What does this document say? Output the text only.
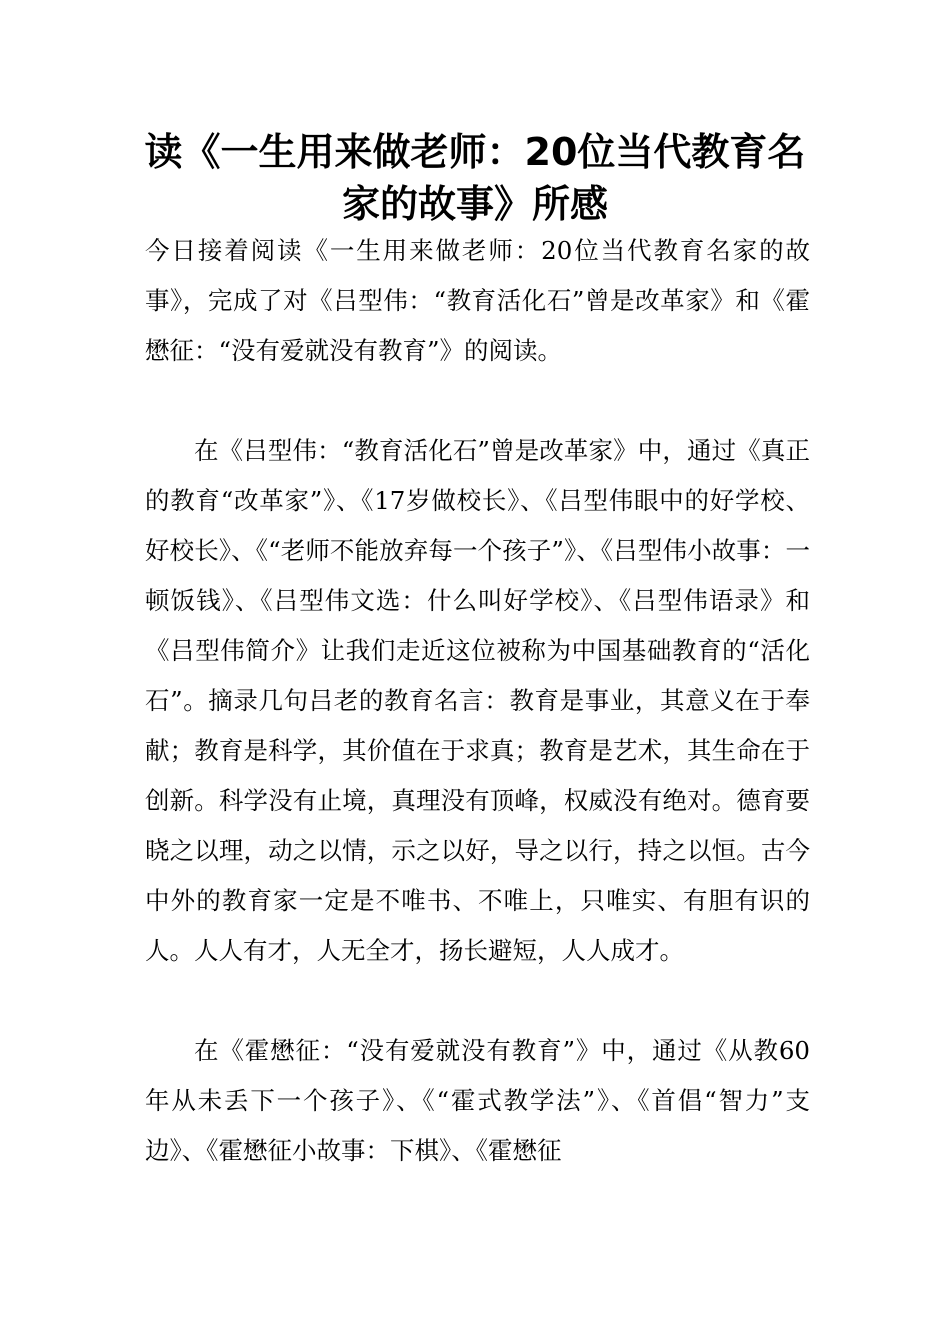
读《一生用来做老师：20位当代教育名家的故事》所感

今日接着阅读《一生用来做老师：20位当代教育名家的故事》，完成了对《吕型伟：“教育活化石”曾是改革家》和《霍懋征：“没有爱就没有教育”》的阅读。

在《吕型伟：“教育活化石”曾是改革家》中，通过《真正的教育“改革家”》、《17岁做校长》、《吕型伟眼中的好学校、好校长》、《“老师不能放弃每一个孩子”》、《吕型伟小故事：一顿饭钱》、《吕型伟文选：什么叫好学校》、《吕型伟语录》和《吕型伟简介》让我们走近这位被称为中国基础教育的“活化石”。摘录几句吕老的教育名言：教育是事业，其意义在于奉献；教育是科学，其价值在于求真；教育是艺术，其生命在于创新。科学没有止境，真理没有顶峰，权威没有绝对。德育要晓之以理，动之以情，示之以好，导之以行，持之以恒。古今中外的教育家一定是不唯书、不唯上，只唯实、有胆有识的人。人人有才，人无全才，扬长避短，人人成才。

在《霍懋征：“没有爱就没有教育”》中，通过《从教60年从未丢下一个孩子》、《“霍式教学法”》、《首倡“智力”支边》、《霍懋征小故事：下棋》、《霍懋征
